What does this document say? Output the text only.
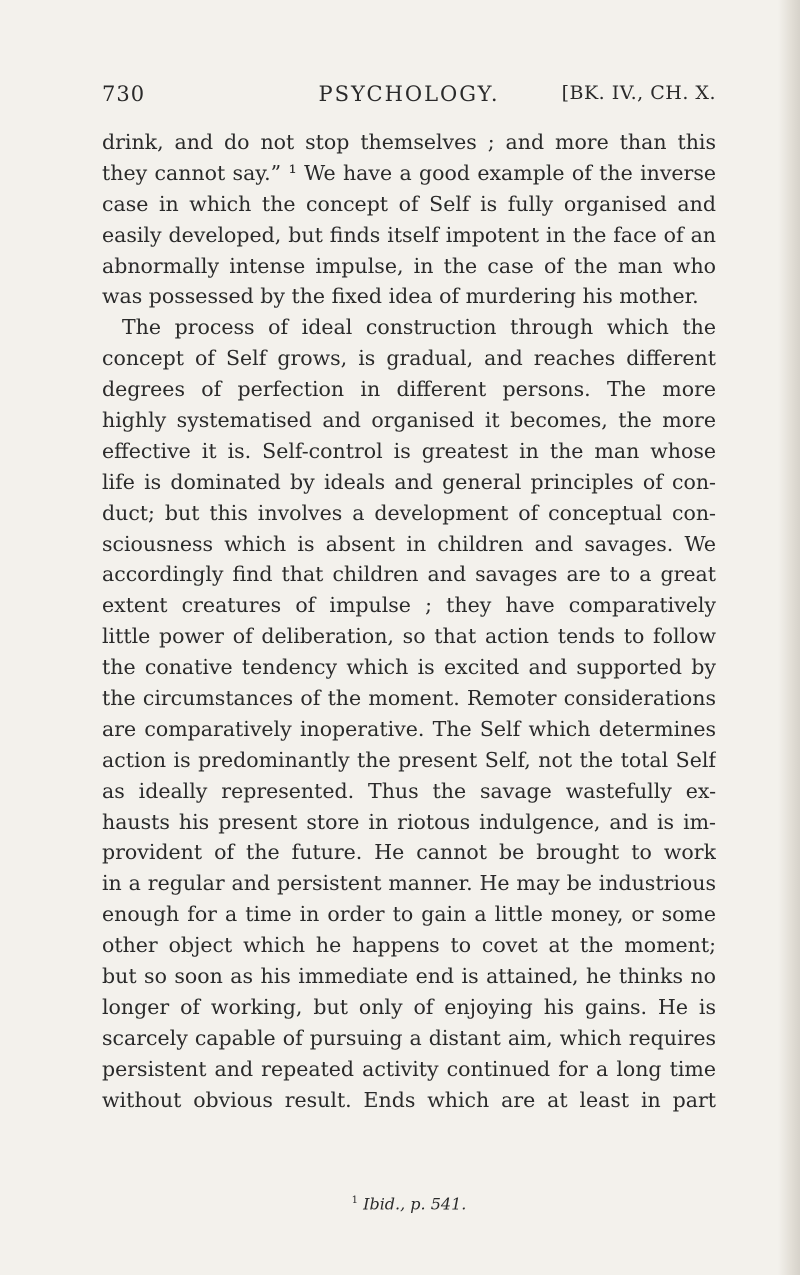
730	PSYCHOLOGY.	[BK. IV., CH. X.
drink, and do not stop themselves ; and more than this
they cannot say.” ¹ We have a good example of the inverse
case in which the concept of Self is fully organised and
easily developed, but finds itself impotent in the face of an
abnormally intense impulse, in the case of the man who
was possessed by the fixed idea of murdering his mother.
The process of ideal construction through which the
concept of Self grows, is gradual, and reaches different
degrees of perfection in different persons. The more
highly systematised and organised it becomes, the more
effective it is. Self-control is greatest in the man whose
life is dominated by ideals and general principles of con-
duct; but this involves a development of conceptual con-
sciousness which is absent in children and savages. We
accordingly find that children and savages are to a great
extent creatures of impulse ; they have comparatively
little power of deliberation, so that action tends to follow
the conative tendency which is excited and supported by
the circumstances of the moment. Remoter considerations
are comparatively inoperative. The Self which determines
action is predominantly the present Self, not the total Self
as ideally represented. Thus the savage wastefully ex-
hausts his present store in riotous indulgence, and is im-
provident of the future. He cannot be brought to work
in a regular and persistent manner. He may be industrious
enough for a time in order to gain a little money, or some
other object which he happens to covet at the moment;
but so soon as his immediate end is attained, he thinks no
longer of working, but only of enjoying his gains. He is
scarcely capable of pursuing a distant aim, which requires
persistent and repeated activity continued for a long time
without obvious result. Ends which are at least in part
$^1$ Ibid., p. 541.
